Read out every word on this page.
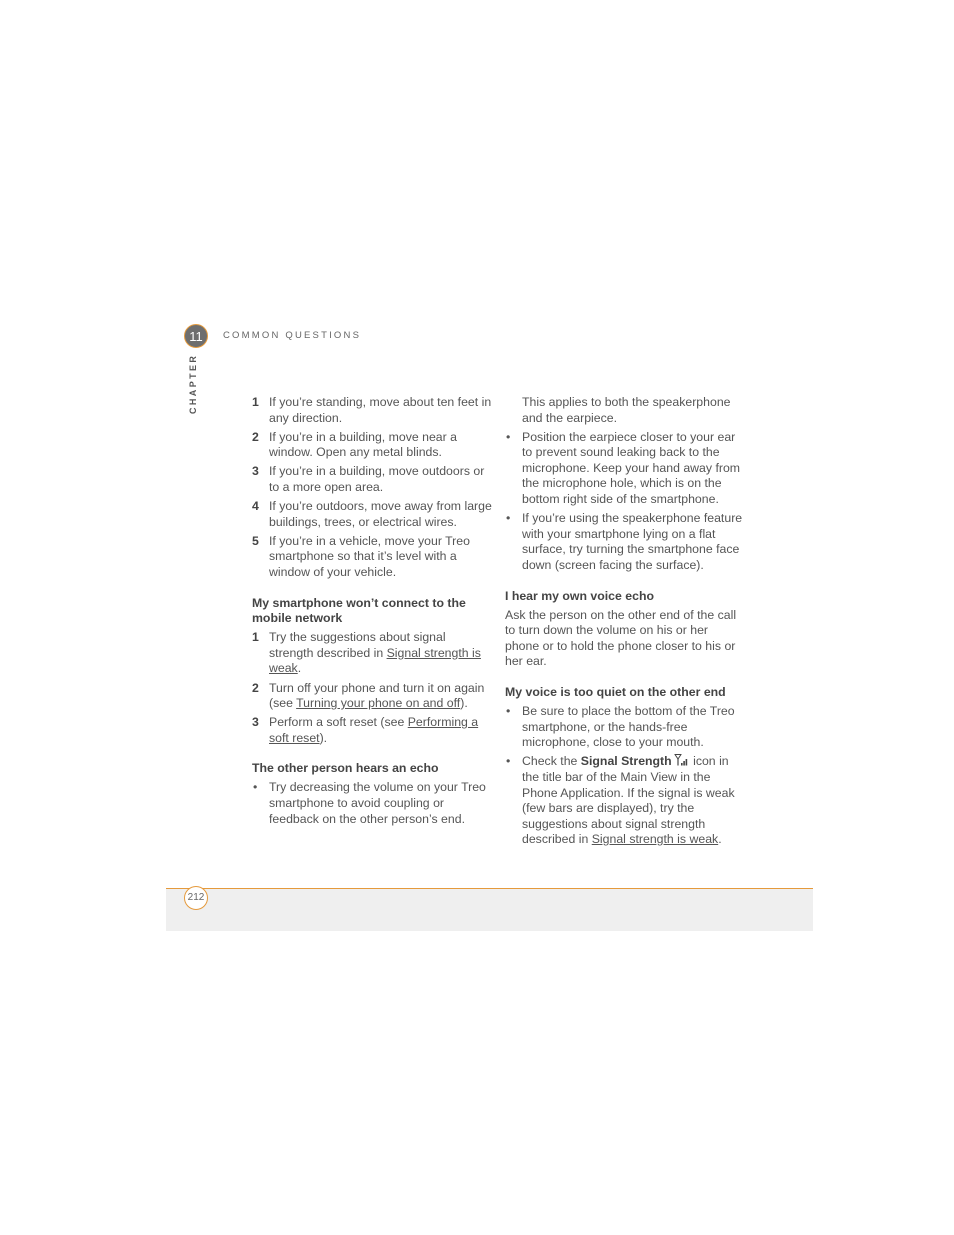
11
CHAPTER
COMMON QUESTIONS
1 If you’re standing, move about ten feet in any direction.
2 If you’re in a building, move near a window. Open any metal blinds.
3 If you’re in a building, move outdoors or to a more open area.
4 If you’re outdoors, move away from large buildings, trees, or electrical wires.
5 If you’re in a vehicle, move your Treo smartphone so that it’s level with a window of your vehicle.
My smartphone won’t connect to the mobile network
1 Try the suggestions about signal strength described in Signal strength is weak.
2 Turn off your phone and turn it on again (see Turning your phone on and off).
3 Perform a soft reset (see Performing a soft reset).
The other person hears an echo
• Try decreasing the volume on your Treo smartphone to avoid coupling or feedback on the other person’s end.
This applies to both the speakerphone and the earpiece.
• Position the earpiece closer to your ear to prevent sound leaking back to the microphone. Keep your hand away from the microphone hole, which is on the bottom right side of the smartphone.
• If you’re using the speakerphone feature with your smartphone lying on a flat surface, try turning the smartphone face down (screen facing the surface).
I hear my own voice echo
Ask the person on the other end of the call to turn down the volume on his or her phone or to hold the phone closer to his or her ear.
My voice is too quiet on the other end
• Be sure to place the bottom of the Treo smartphone, or the hands-free microphone, close to your mouth.
• Check the Signal Strength icon in the title bar of the Main View in the Phone Application. If the signal is weak (few bars are displayed), try the suggestions about signal strength described in Signal strength is weak.
212
